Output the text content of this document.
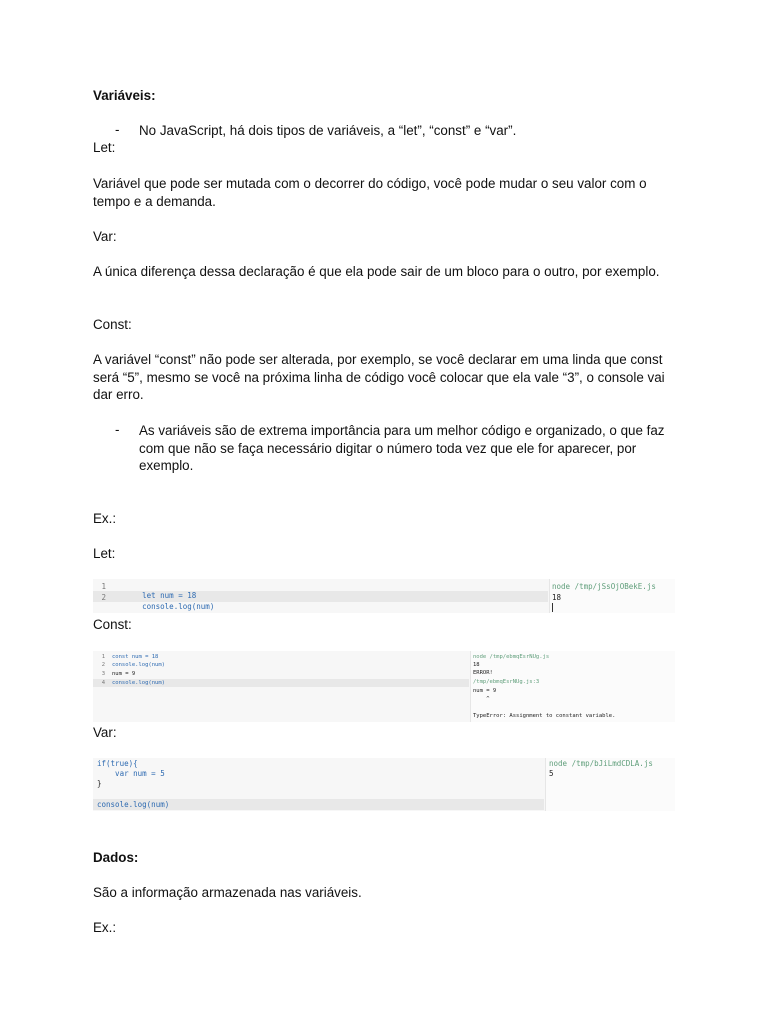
Variáveis:
- No JavaScript, há dois tipos de variáveis, a “let”, “const” e “var”.
Let:
Variável que pode ser mutada com o decorrer do código, você pode mudar o seu valor com o tempo e a demanda.
Var:
A única diferença dessa declaração é que ela pode sair de um bloco para o outro, por exemplo.
Const:
A variável “const” não pode ser alterada, por exemplo, se você declarar em uma linda que const será “5”, mesmo se você na próxima linha de código você colocar que ela vale “3”, o console vai dar erro.
- As variáveis são de extrema importância para um melhor código e organizado, o que faz com que não se faça necessário digitar o número toda vez que ele for aparecer, por exemplo.
Ex.:
Let:
1
2	let num = 18

console.log(num)

node /tmp/jSsOjOBekE.js
18
Const:
1
2
3
4
const num = 18
console.log(num)
num = 9
console.log(num)
node /tmp/ebmqEsrNUg.js
18
ERROR!
/tmp/ebmqEsrNUg.js:3
num = 9
^
TypeError: Assignment to constant variable.
Var:
if(true){
var num = 5
}
console.log(num)
node /tmp/bJiLmdCDLA.js
5
Dados:
São a informação armazenada nas variáveis.
Ex.:
